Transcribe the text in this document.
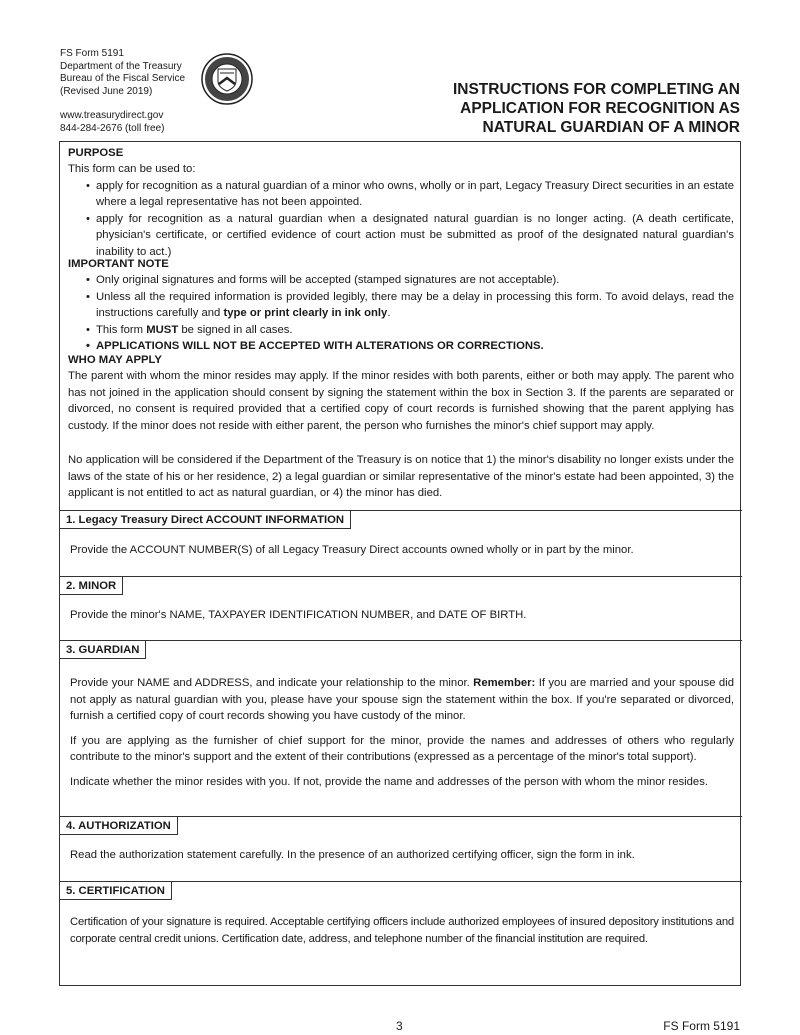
FS Form 5191
Department of the Treasury
Bureau of the Fiscal Service
(Revised June 2019)
www.treasurydirect.gov
844-284-2676 (toll free)
INSTRUCTIONS FOR COMPLETING AN
APPLICATION FOR RECOGNITION AS
NATURAL GUARDIAN OF A MINOR
PURPOSE
This form can be used to:
• apply for recognition as a natural guardian of a minor who owns, wholly or in part, Legacy Treasury Direct securities in an estate where a legal representative has not been appointed.
• apply for recognition as a natural guardian when a designated natural guardian is no longer acting. (A death certificate, physician's certificate, or certified evidence of court action must be submitted as proof of the designated natural guardian's inability to act.)
IMPORTANT NOTE
• Only original signatures and forms will be accepted (stamped signatures are not acceptable).
• Unless all the required information is provided legibly, there may be a delay in processing this form. To avoid delays, read the instructions carefully and type or print clearly in ink only.
• This form MUST be signed in all cases.
• APPLICATIONS WILL NOT BE ACCEPTED WITH ALTERATIONS OR CORRECTIONS.
WHO MAY APPLY
The parent with whom the minor resides may apply. If the minor resides with both parents, either or both may apply. The parent who has not joined in the application should consent by signing the statement within the box in Section 3. If the parents are separated or divorced, no consent is required provided that a certified copy of court records is furnished showing that the parent applying has custody. If the minor does not reside with either parent, the person who furnishes the minor's chief support may apply.
No application will be considered if the Department of the Treasury is on notice that 1) the minor's disability no longer exists under the laws of the state of his or her residence, 2) a legal guardian or similar representative of the minor's estate had been appointed, 3) the applicant is not entitled to act as natural guardian, or 4) the minor has died.
1. Legacy Treasury Direct ACCOUNT INFORMATION
Provide the ACCOUNT NUMBER(S) of all Legacy Treasury Direct accounts owned wholly or in part by the minor.
2. MINOR
Provide the minor's NAME, TAXPAYER IDENTIFICATION NUMBER, and DATE OF BIRTH.
3. GUARDIAN
Provide your NAME and ADDRESS, and indicate your relationship to the minor. Remember: If you are married and your spouse did not apply as natural guardian with you, please have your spouse sign the statement within the box. If you're separated or divorced, furnish a certified copy of court records showing you have custody of the minor.
If you are applying as the furnisher of chief support for the minor, provide the names and addresses of others who regularly contribute to the minor's support and the extent of their contributions (expressed as a percentage of the minor's total support).
Indicate whether the minor resides with you. If not, provide the name and addresses of the person with whom the minor resides.
4. AUTHORIZATION
Read the authorization statement carefully. In the presence of an authorized certifying officer, sign the form in ink.
5. CERTIFICATION
Certification of your signature is required. Acceptable certifying officers include authorized employees of insured depository institutions and corporate central credit unions. Certification date, address, and telephone number of the financial institution are required.
3	FS Form 5191
